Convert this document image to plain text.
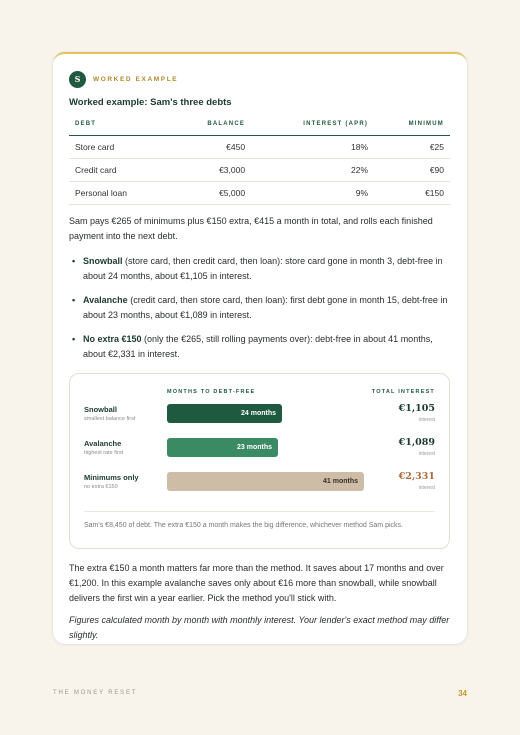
S	WORKED EXAMPLE
Worked example: Sam's three debts
DEBT	BALANCE	INTEREST (APR)	MINIMUM
Store card	€450	18%	€25
Credit card	€3,000	22%	€90
Personal loan	€5,000	9%	€150

Sam pays €265 of minimums plus €150 extra, €415 a month in total, and rolls each finished payment into the next debt.

• Snowball (store card, then credit card, then loan): store card gone in month 3, debt-free in about 24 months, about €1,105 in interest.
• Avalanche (credit card, then store card, then loan): first debt gone in month 15, debt-free in about 23 months, about €1,089 in interest.
• No extra €150 (only the €265, still rolling payments over): debt-free in about 41 months, about €2,331 in interest.
MONTHS TO DEBT-FREE	TOTAL INTEREST
Snowball
smallest balance first
24 months	€1,105
interest
Avalanche
highest rate first
23 months	€1,089
interest
Minimums only
no extra €150
41 months	€2,331
interest
Sam's €8,450 of debt. The extra €150 a month makes the big difference, whichever method Sam picks.

The extra €150 a month matters far more than the method. It saves about 17 months and over €1,200. In this example avalanche saves only about €16 more than snowball, while snowball delivers the first win a year earlier. Pick the method you'll stick with.

Figures calculated month by month with monthly interest. Your lender's exact method may differ slightly.

THE MONEY RESET	34
